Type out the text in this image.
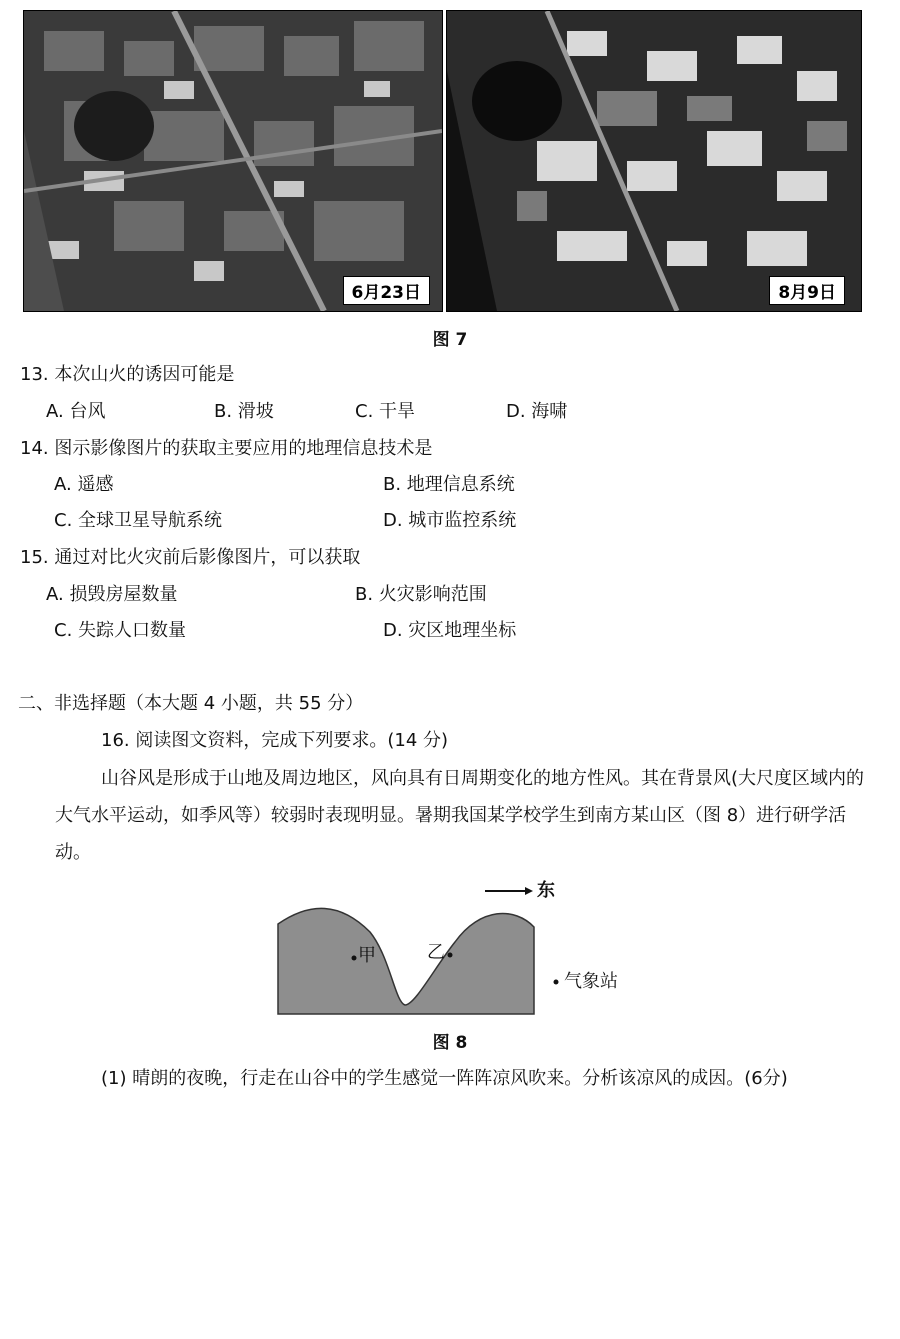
6月23日	8月9日
图 7
13. 本次山火的诱因可能是
A. 台风	B. 滑坡	C. 干旱	D. 海啸
14. 图示影像图片的获取主要应用的地理信息技术是
A. 遥感	B. 地理信息系统
C. 全球卫星导航系统	D. 城市监控系统
15. 通过对比火灾前后影像图片，可以获取
A. 损毁房屋数量	B. 火灾影响范围
C. 失踪人口数量	D. 灾区地理坐标
二、非选择题（本大题 4 小题，共 55 分）
16. 阅读图文资料，完成下列要求。(14 分)
山谷风是形成于山地及周边地区，风向具有日周期变化的地方性风。其在背景风(大尺度区域内的大气水平运动，如季风等）较弱时表现明显。暑期我国某学校学生到南方某山区（图 8）进行研学活动。
东
甲	乙
气象站
图 8
(1) 晴朗的夜晚，行走在山谷中的学生感觉一阵阵凉风吹来。分析该凉风的成因。(6分)
